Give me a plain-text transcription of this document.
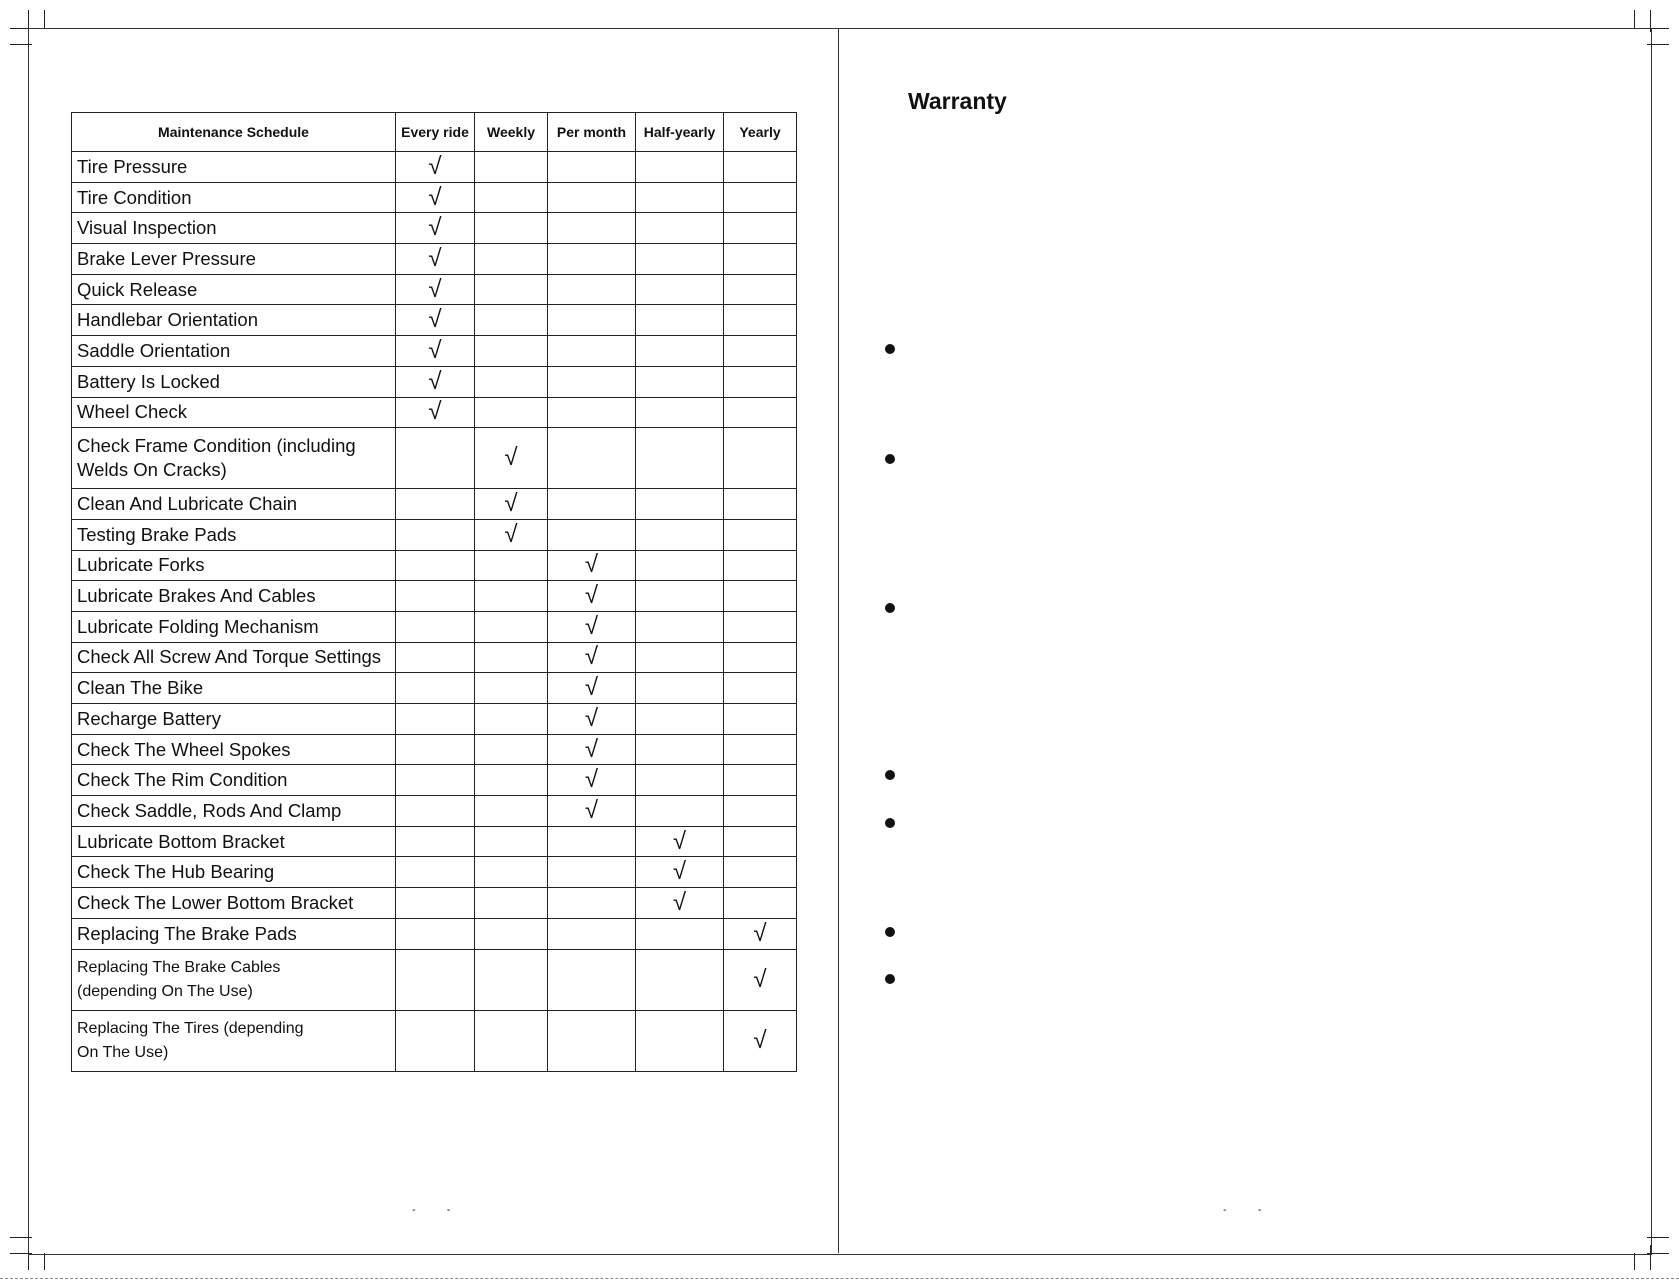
Maintenance Schedule	Every ride	Weekly	Per month	Half-yearly	Yearly
Tire Pressure	√				
Tire Condition	√				
Visual Inspection	√				
Brake Lever Pressure	√				
Quick Release	√				
Handlebar Orientation	√				
Saddle Orientation	√				
Battery Is Locked	√				
Wheel Check	√				
Check Frame Condition (including Welds On Cracks)		√			
Clean And Lubricate Chain		√			
Testing Brake Pads		√			
Lubricate Forks			√		
Lubricate Brakes And Cables			√		
Lubricate Folding Mechanism			√		
Check All Screw And Torque Settings			√		
Clean The Bike			√		
Recharge Battery			√		
Check The Wheel Spokes			√		
Check The Rim Condition			√		
Check Saddle, Rods And Clamp			√		
Lubricate Bottom Bracket				√	
Check The Hub Bearing				√	
Check The Lower Bottom Bracket				√	
Replacing The Brake Pads					√
Replacing The Brake Cables (depending On The Use)					√
Replacing The Tires (depending On The Use)					√
- -
Warranty
- -
